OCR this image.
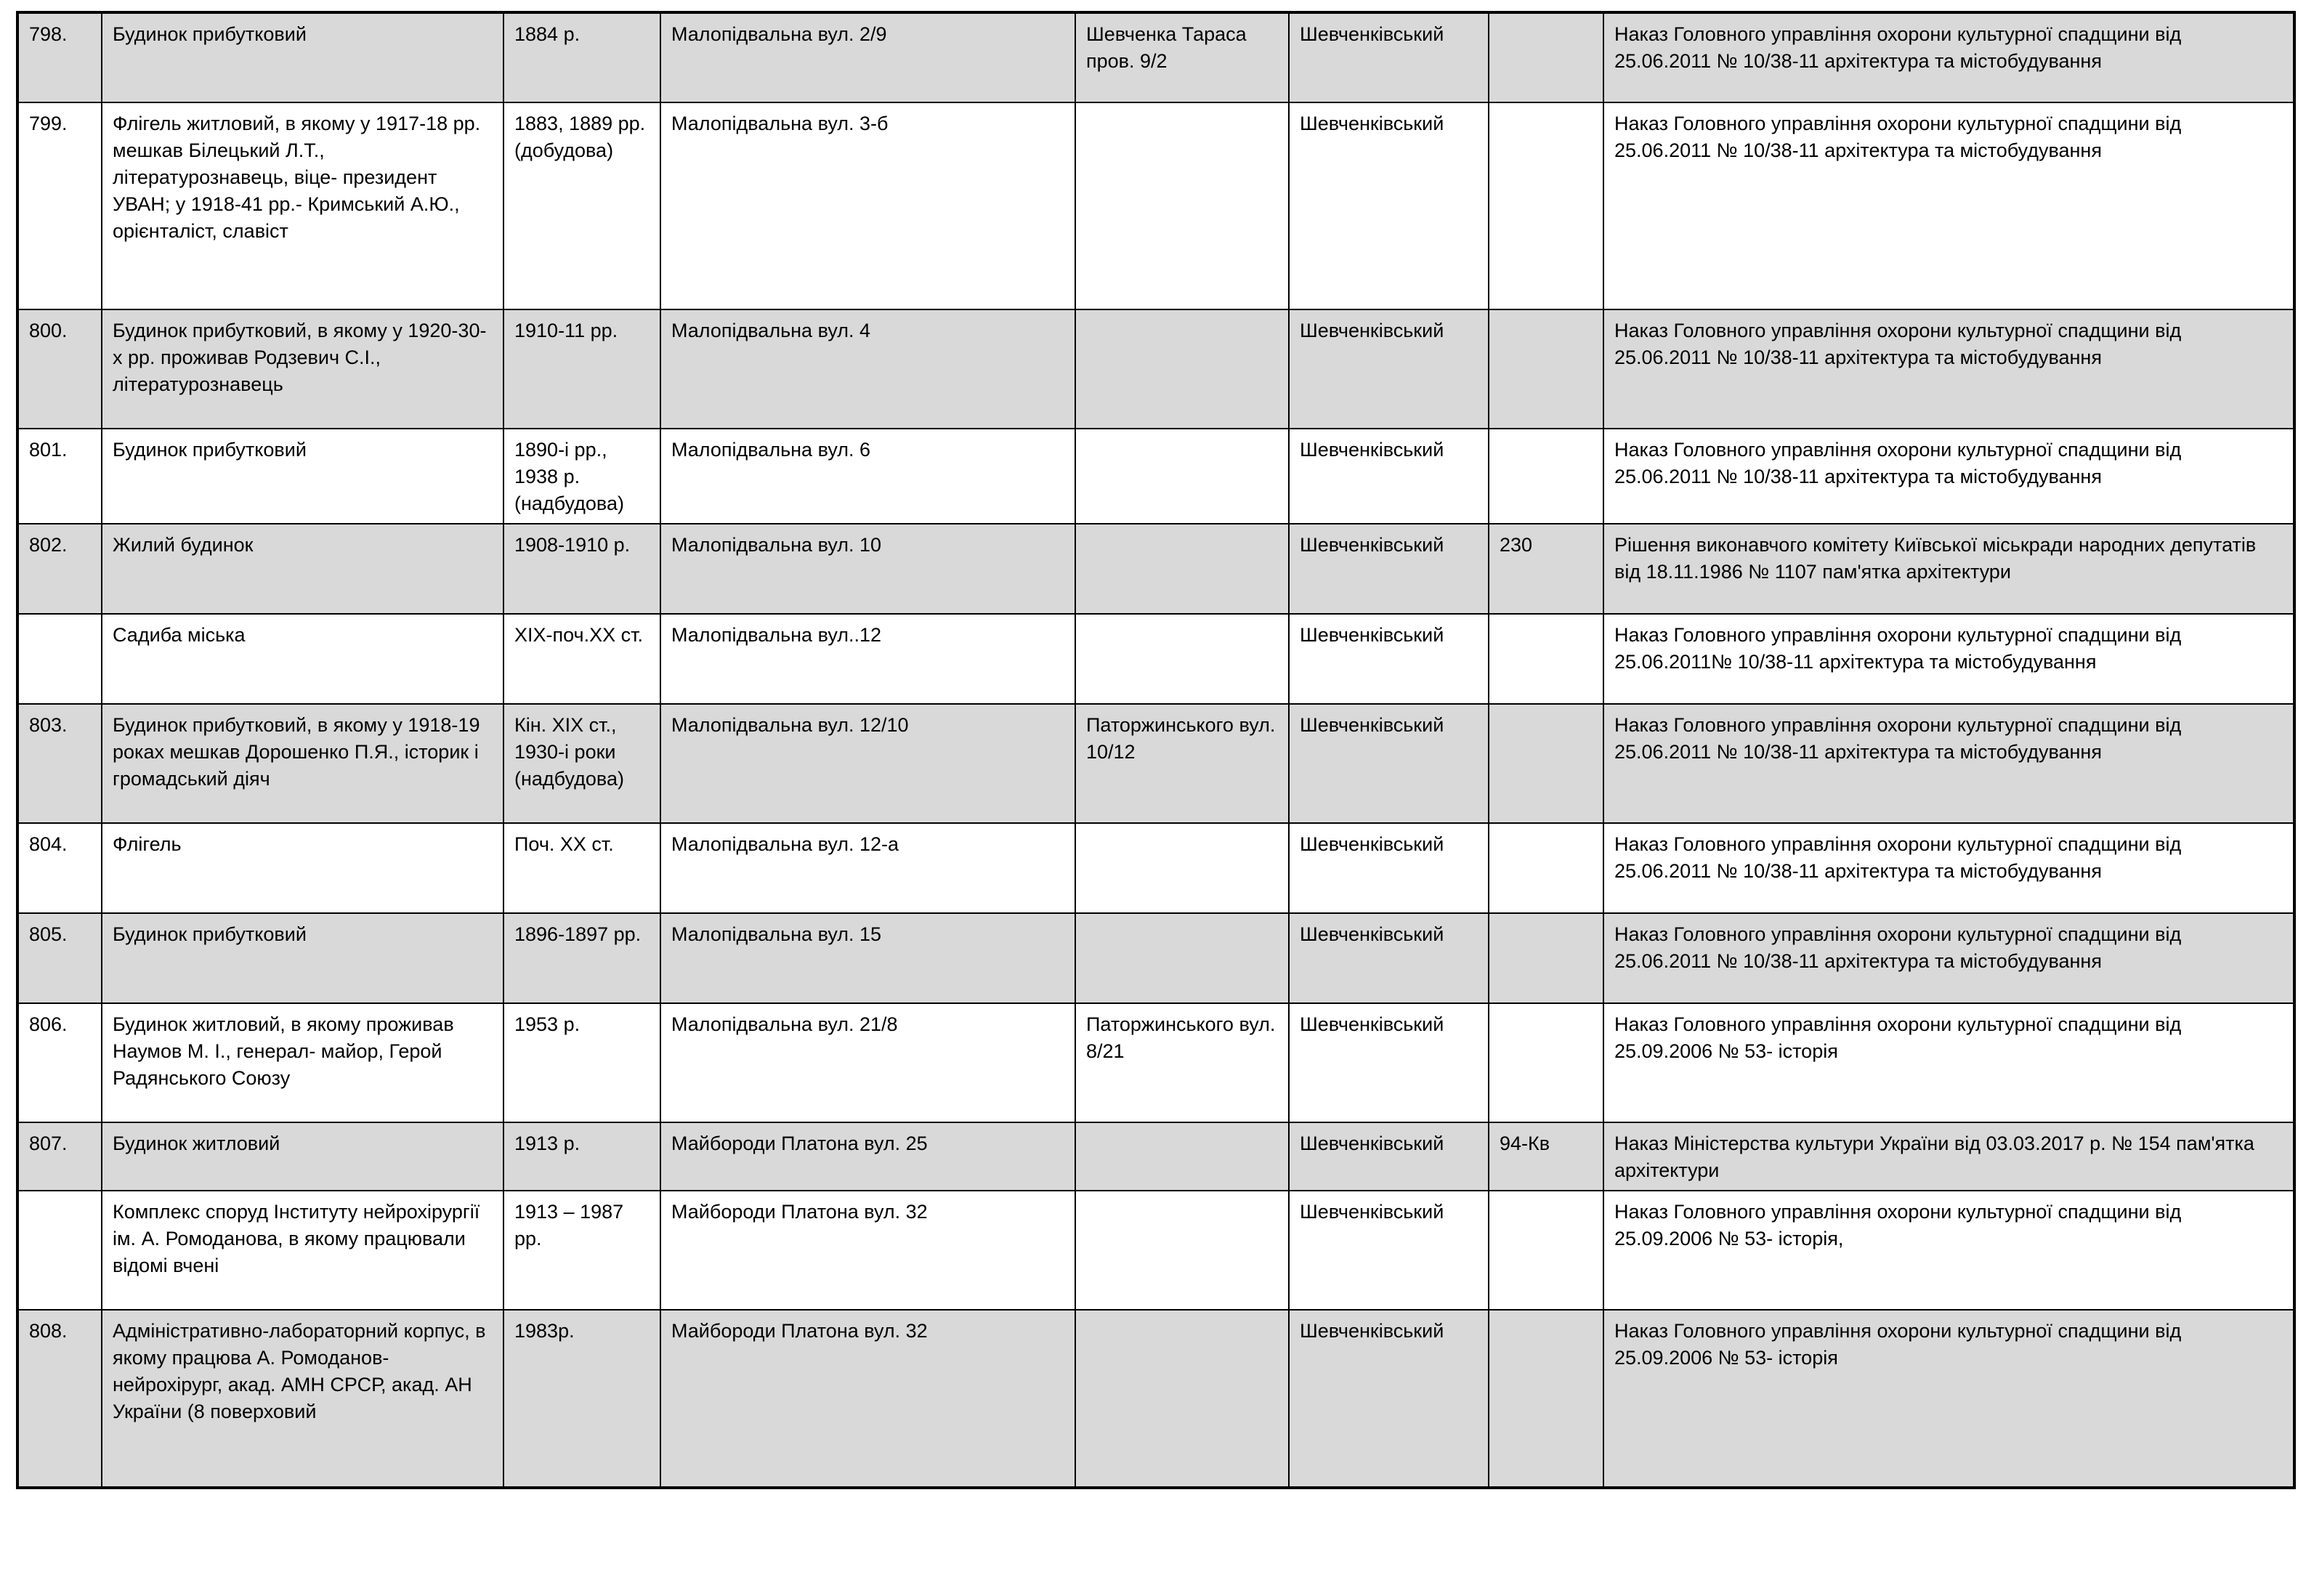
798.	Будинок прибутковий	1884 р.	Малопідвальна вул. 2/9	Шевченка Тараса пров. 9/2	Шевченківський		Наказ Головного управління охорони культурної спадщини від 25.06.2011 № 10/38-11 архітектура та містобудування
799.	Флігель житловий, в якому у 1917-18 рр. мешкав Білецький Л.Т., літературознавець, віце- президент УВАН; у 1918-41 рр.- Кримський А.Ю., орієнталіст, славіст	1883, 1889 рр. (добудова)	Малопідвальна вул. 3-б		Шевченківський		Наказ Головного управління охорони культурної спадщини від 25.06.2011 № 10/38-11 архітектура та містобудування
800.	Будинок прибутковий, в якому у 1920-30-х рр. проживав Родзевич С.І., літературознавець	1910-11 рр.	Малопідвальна вул. 4		Шевченківський		Наказ Головного управління охорони культурної спадщини від 25.06.2011 № 10/38-11 архітектура та містобудування
801.	Будинок прибутковий	1890-і рр., 1938 р. (надбудова)	Малопідвальна вул. 6		Шевченківський		Наказ Головного управління охорони культурної спадщини від 25.06.2011 № 10/38-11 архітектура та містобудування
802.	Жилий будинок	1908-1910 р.	Малопідвальна вул. 10		Шевченківський	230	Рішення виконавчого комітету Київської міськради народних депутатів від 18.11.1986 № 1107 пам'ятка архітектури
	Садиба міська	ХІХ-поч.ХХ ст.	Малопідвальна вул..12		Шевченківський		Наказ Головного управління охорони культурної спадщини від 25.06.2011№ 10/38-11 архітектура та містобудування
803.	Будинок прибутковий, в якому у 1918-19 роках мешкав Дорошенко П.Я., історик і громадський діяч	Кін. ХІХ ст., 1930-і роки (надбудова)	Малопідвальна вул. 12/10	Паторжинського вул. 10/12	Шевченківський		Наказ Головного управління охорони культурної спадщини від 25.06.2011 № 10/38-11 архітектура та містобудування
804.	Флігель	Поч. ХХ ст.	Малопідвальна вул. 12-а		Шевченківський		Наказ Головного управління охорони культурної спадщини від 25.06.2011 № 10/38-11 архітектура та містобудування
805.	Будинок прибутковий	1896-1897 рр.	Малопідвальна вул. 15		Шевченківський		Наказ Головного управління охорони культурної спадщини від 25.06.2011 № 10/38-11 архітектура та містобудування
806.	Будинок житловий, в якому проживав Наумов М. І., генерал- майор, Герой Радянського Союзу	1953 р.	Малопідвальна вул. 21/8	Паторжинського вул. 8/21	Шевченківський		Наказ Головного управління охорони культурної спадщини від 25.09.2006 № 53- історія
807.	Будинок житловий	1913 р.	Майбороди Платона вул. 25		Шевченківський	94-Кв	Наказ Міністерства культури України від 03.03.2017 р. № 154 пам'ятка архітектури
	Комплекс споруд Інституту нейрохірургії ім. А. Ромоданова, в якому працювали відомі вчені	1913 – 1987 рр.	Майбороди Платона вул. 32		Шевченківський		Наказ Головного управління охорони культурної спадщини від 25.09.2006 № 53- історія,
808.	Адміністративно-лабораторний корпус, в якому працюва А. Ромоданов- нейрохірург, акад. АМН СРСР, акад. АН України (8 поверховий	1983р.	Майбороди Платона вул. 32		Шевченківський		Наказ Головного управління охорони культурної спадщини від 25.09.2006 № 53- історія
